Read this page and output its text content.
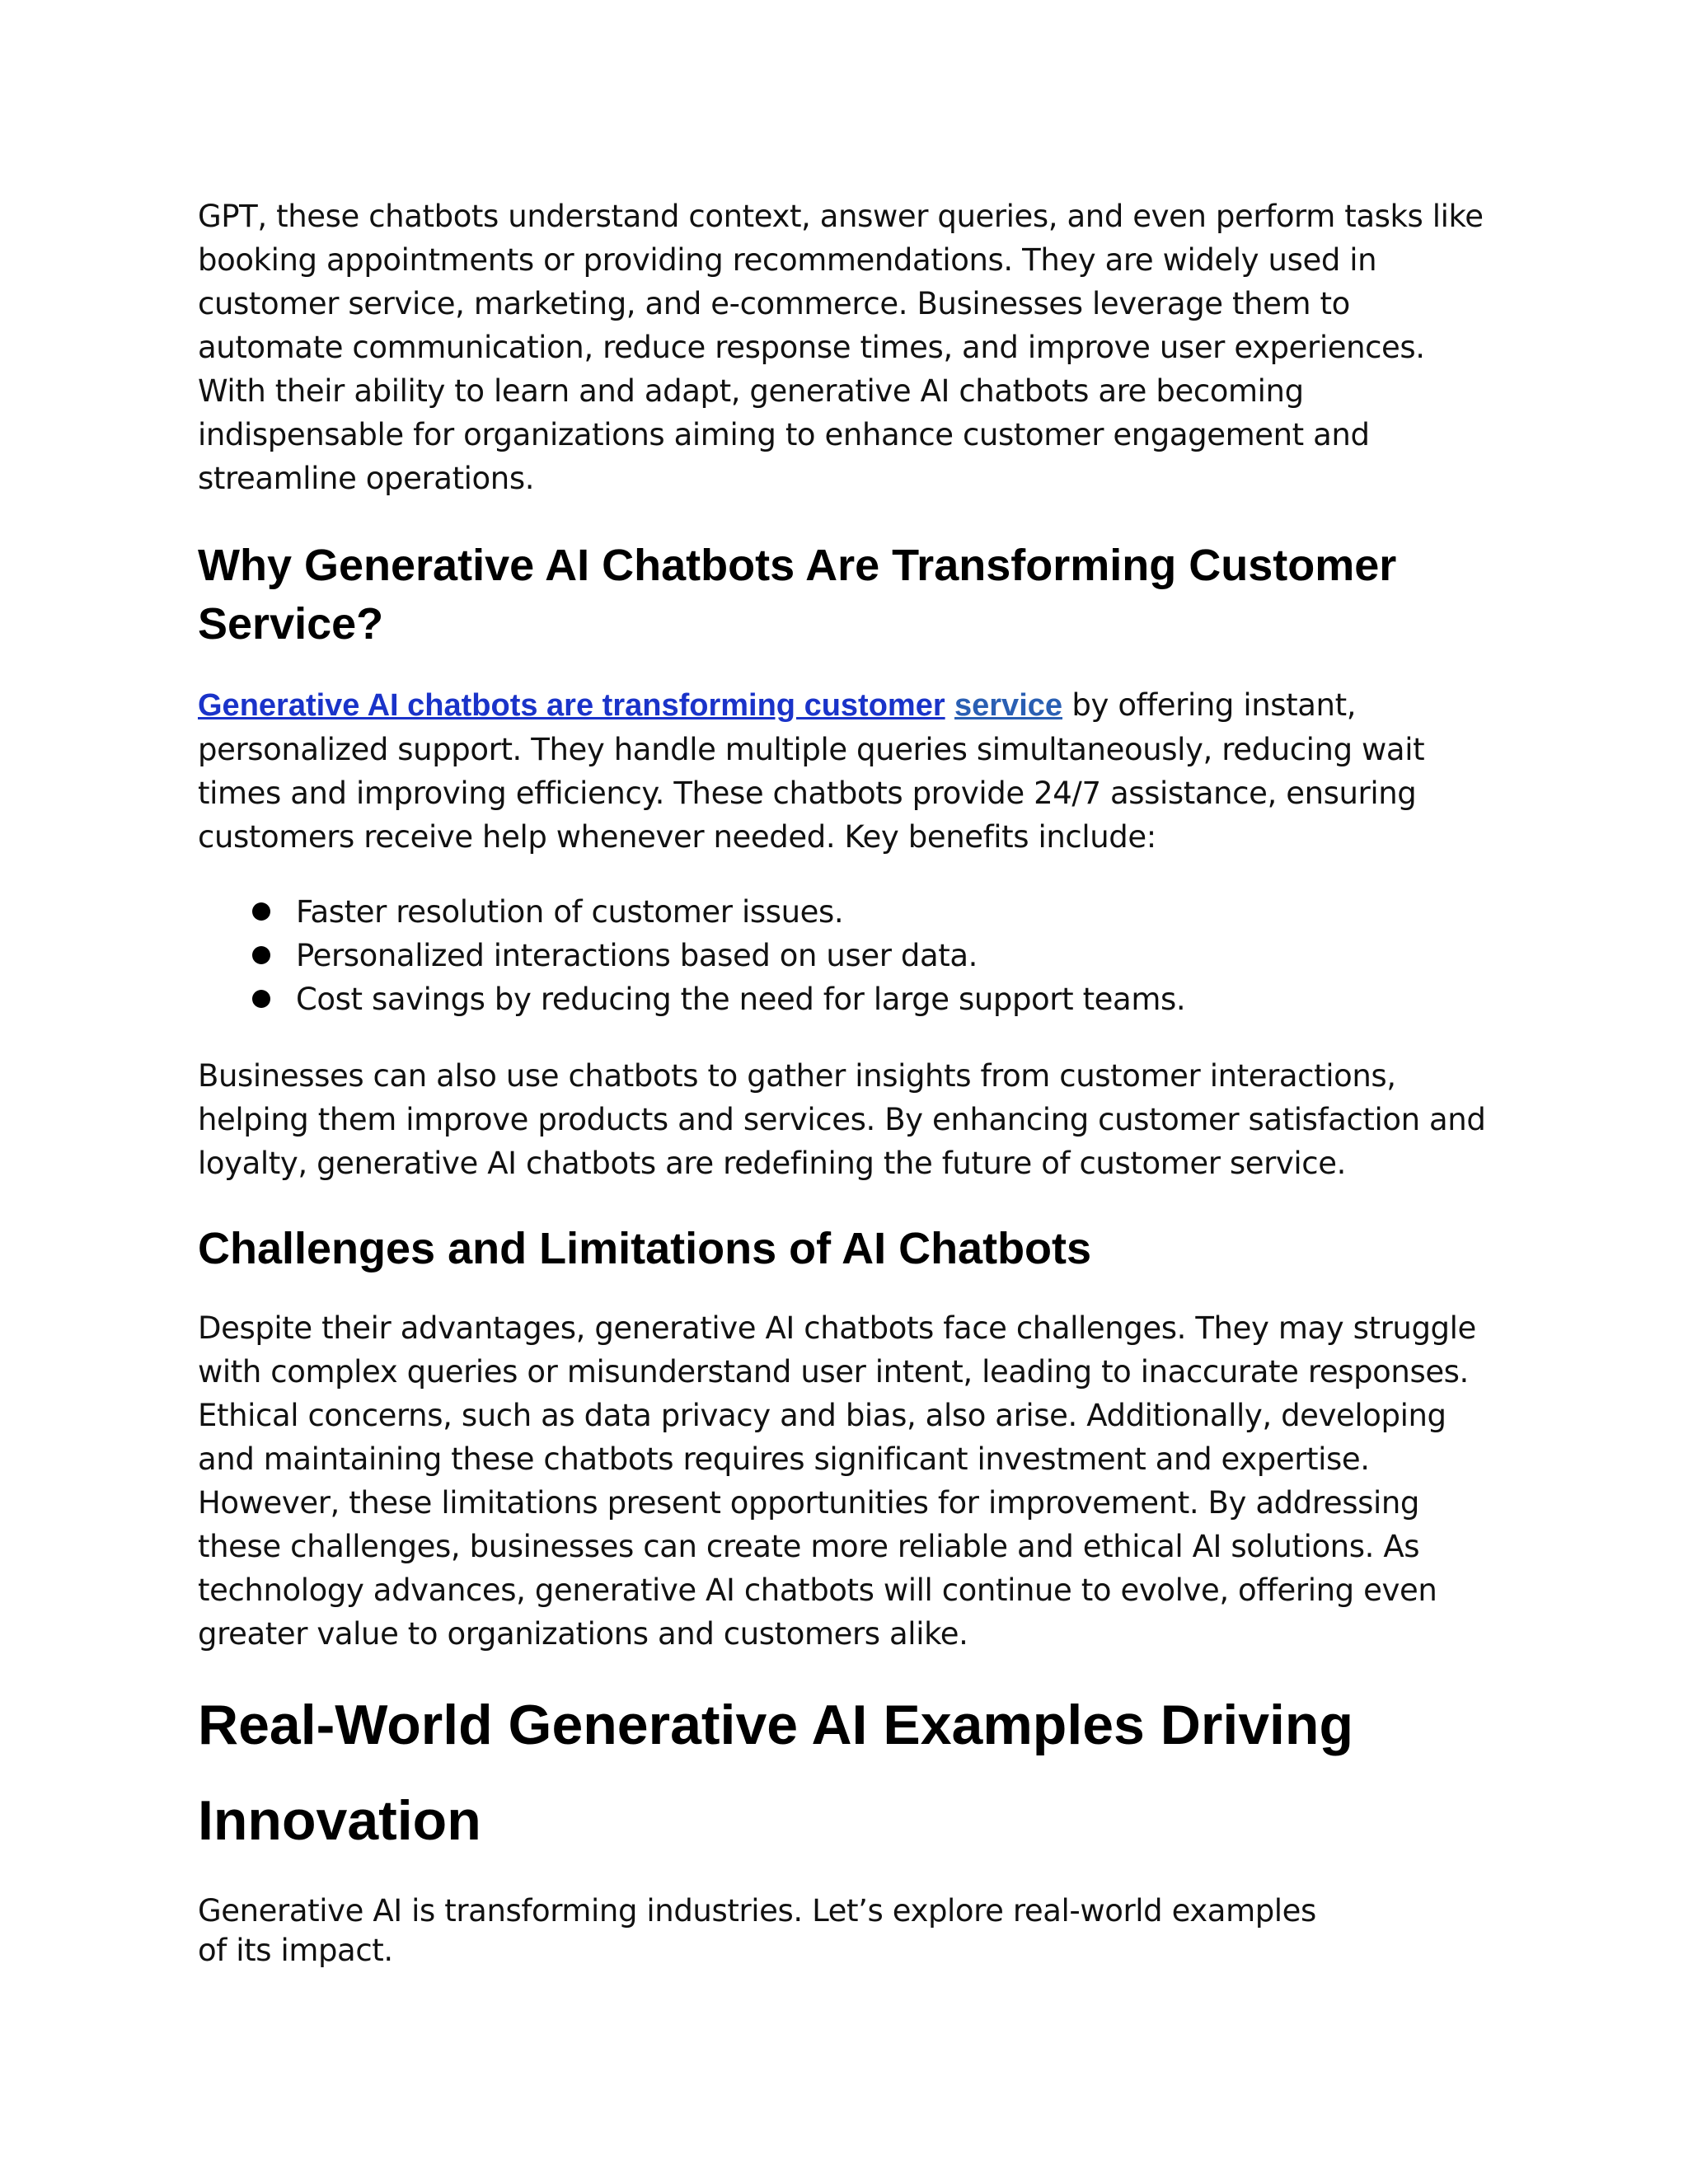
GPT, these chatbots understand context, answer queries, and even perform tasks like booking appointments or providing recommendations. They are widely used in customer service, marketing, and e-commerce. Businesses leverage them to automate communication, reduce response times, and improve user experiences. With their ability to learn and adapt, generative AI chatbots are becoming indispensable for organizations aiming to enhance customer engagement and streamline operations.

Why Generative AI Chatbots Are Transforming Customer Service?

Generative AI chatbots are transforming customer service by offering instant, personalized support. They handle multiple queries simultaneously, reducing wait times and improving efficiency. These chatbots provide 24/7 assistance, ensuring customers receive help whenever needed. Key benefits include:

Faster resolution of customer issues.
Personalized interactions based on user data.
Cost savings by reducing the need for large support teams.

Businesses can also use chatbots to gather insights from customer interactions, helping them improve products and services. By enhancing customer satisfaction and loyalty, generative AI chatbots are redefining the future of customer service.

Challenges and Limitations of AI Chatbots

Despite their advantages, generative AI chatbots face challenges. They may struggle with complex queries or misunderstand user intent, leading to inaccurate responses.

Ethical concerns, such as data privacy and bias, also arise. Additionally, developing and maintaining these chatbots requires significant investment and expertise. However, these limitations present opportunities for improvement. By addressing these challenges, businesses can create more reliable and ethical AI solutions. As technology advances, generative AI chatbots will continue to evolve, offering even greater value to organizations and customers alike.

Real-World Generative AI Examples Driving Innovation

Generative AI is transforming industries. Let’s explore real-world examples
of its impact.
